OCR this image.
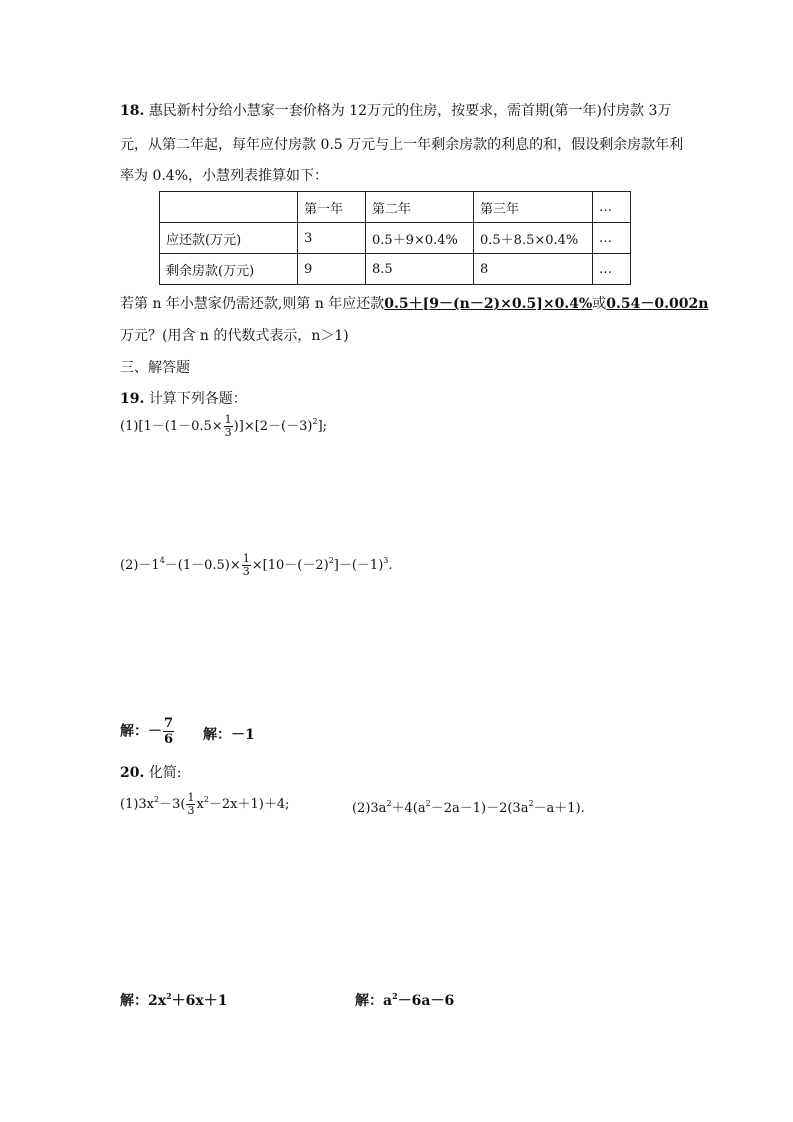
18. 惠民新村分给小慧家一套价格为 12万元的住房，按要求，需首期(第一年)付房款 3万
元，从第二年起，每年应付房款 0.5 万元与上一年剩余房款的利息的和，假设剩余房款年利
率为 0.4%，小慧列表推算如下：
	第一年	第二年	第三年	…
应还款(万元)	3	0.5＋9×0.4%	0.5＋8.5×0.4%	…
剩余房款(万元)	9	8.5	8	…
若第 n 年小慧家仍需还款,则第 n 年应还款0.5＋[9－(n－2)×0.5]×0.4%或0.54－0.002n
万元？(用含 n 的代数式表示，n＞1)
三、解答题
19. 计算下列各题：
$(1)[1-(1-0.5\times \frac{1}{3} )]\times[2-(-3)^2]$;
$(2)-1^4-(1-0.5)\times \frac{1}{3} \times[10-(-2)^2]-(-1)^3$.
解：－ $\frac{7}{6}$ 解：－1
20. 化简:
$(1)3x^2-3( \frac{1}{3} x^2-2x+1)+4$;	$(2)3a^2+4(a^2-2a-1)-2(3a^2-a+1)$.
解：$2x^2+6x+1$	解：$a^2-6a-6$
